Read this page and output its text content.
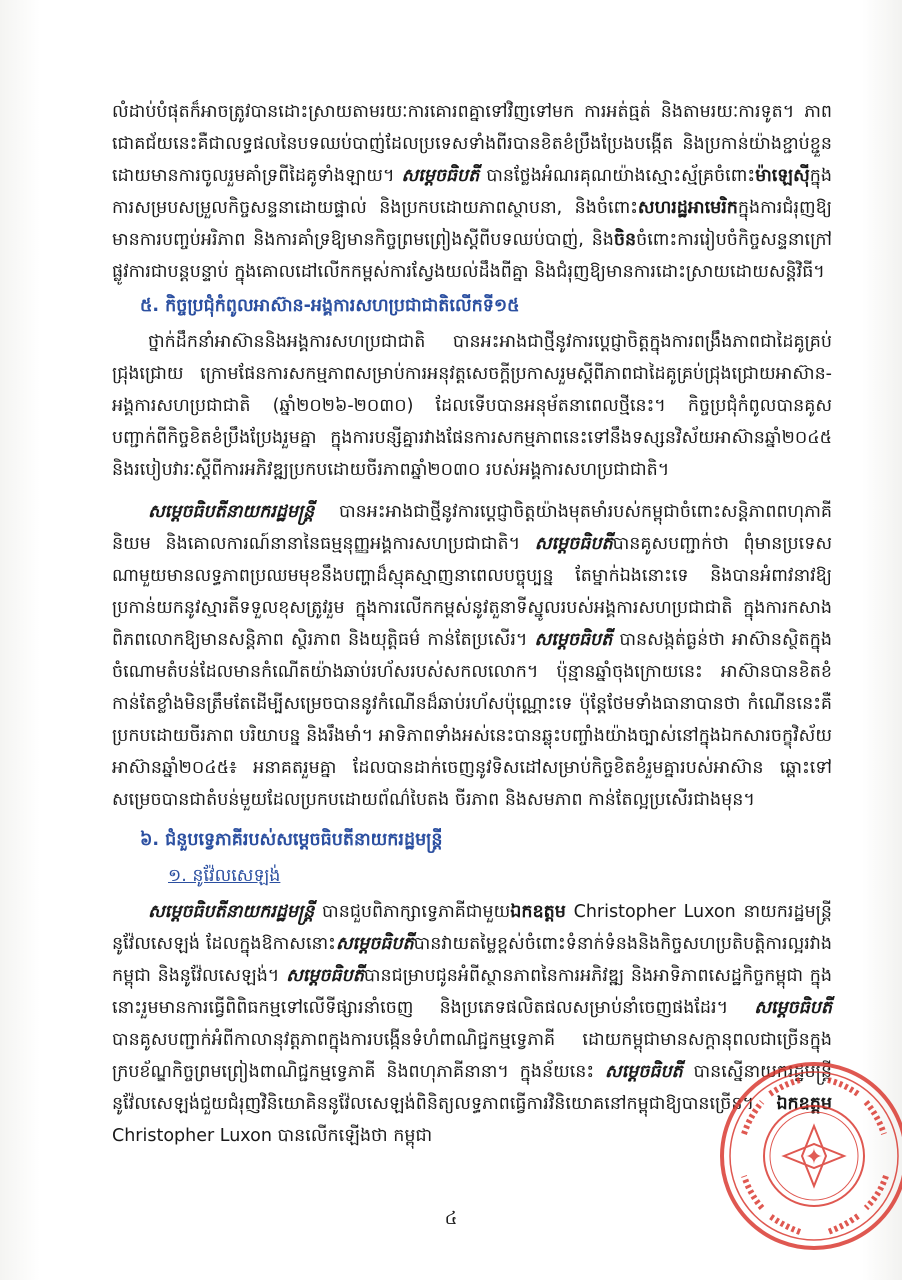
លំដាប់បំផុតក៏អាចត្រូវបានដោះស្រាយតាមរយៈការគោរពគ្នាទៅវិញទៅមក ការអត់ធ្មត់ និងតាមរយៈការទូត។ ភាពជោគជ័យនេះគឺជាលទ្ធផលនៃបទឈប់បាញ់ដែលប្រទេសទាំងពីរបានខិតខំប្រឹងប្រែងបង្កើត និងប្រកាន់យ៉ាងខ្ជាប់ខ្ជួន ដោយមានការចូលរួមគាំទ្រពីដៃគូទាំងឡាយ។ សម្តេចធិបតី បានថ្លែងអំណរគុណយ៉ាងស្មោះស្ម័គ្រចំពោះម៉ាឡេស៊ីក្នុងការសម្របសម្រួលកិច្ចសន្ទនាដោយផ្ទាល់ និងប្រកបដោយភាពស្ថាបនា, និងចំពោះសហរដ្ឋអាមេរិកក្នុងការជំរុញឱ្យមានការបញ្ចប់អរិភាព និងការគាំទ្រឱ្យមានកិច្ចព្រមព្រៀងស្តីពីបទឈប់បាញ់, និងចិនចំពោះការរៀបចំកិច្ចសន្ទនាក្រៅផ្លូវការជាបន្តបន្ទាប់ ក្នុងគោលដៅលើកកម្ពស់ការស្វែងយល់ដឹងពីគ្នា និងជំរុញឱ្យមានការដោះស្រាយដោយសន្តិវិធី។

៥. កិច្ចប្រជុំកំពូលអាស៊ាន-អង្គការសហប្រជាជាតិលើកទី១៥

ថ្នាក់ដឹកនាំអាស៊ាននិងអង្គការសហប្រជាជាតិ បានអះអាងជាថ្មីនូវការប្តេជ្ញាចិត្តក្នុងការពង្រឹងភាពជាដៃគូគ្រប់ជ្រុងជ្រោយ ក្រោមផែនការសកម្មភាពសម្រាប់ការអនុវត្តសេចក្តីប្រកាសរួមស្តីពីភាពជាដៃគូគ្រប់ជ្រុងជ្រោយអាស៊ាន-អង្គការសហប្រជាជាតិ (ឆ្នាំ២០២៦-២០៣០) ដែលទើបបានអនុម័តនាពេលថ្មីនេះ។ កិច្ចប្រជុំកំពូលបានគូសបញ្ជាក់ពីកិច្ចខិតខំប្រឹងប្រែងរួមគ្នា ក្នុងការបន្សីគ្នារវាងផែនការសកម្មភាពនេះទៅនឹងទស្សនវិស័យអាស៊ានឆ្នាំ២០៤៥ និងរបៀបវារៈស្តីពីការអភិវឌ្ឍប្រកបដោយចីរភាពឆ្នាំ២០៣០ របស់អង្គការសហប្រជាជាតិ។

សម្តេចធិបតីនាយករដ្ឋមន្ត្រី បានអះអាងជាថ្មីនូវការប្តេជ្ញាចិត្តយ៉ាងមុតមាំរបស់កម្ពុជាចំពោះសន្តិភាពពហុភាគីនិយម និងគោលការណ៍នានានៃធម្មនុញ្ញអង្គការសហប្រជាជាតិ។ សម្តេចធិបតីបានគូសបញ្ជាក់ថា ពុំមានប្រទេសណាមួយមានលទ្ធភាពប្រឈមមុខនឹងបញ្ហាដ៏ស្មុគស្មាញនាពេលបច្ចុប្បន្ន តែម្នាក់ឯងនោះទេ និងបានអំពាវនាវឱ្យប្រកាន់យកនូវស្មារតីទទួលខុសត្រូវរួម ក្នុងការលើកកម្ពស់នូវតួនាទីស្នូលរបស់អង្គការសហប្រជាជាតិ ក្នុងការកសាងពិភពលោកឱ្យមានសន្តិភាព ស្ថិរភាព និងយុត្តិធម៌ កាន់តែប្រសើរ។ សម្តេចធិបតី បានសង្កត់ធ្ងន់ថា អាស៊ានស្ថិតក្នុងចំណោមតំបន់ដែលមានកំណើតយ៉ាងឆាប់រហ័សរបស់សកលលោក។ ប៉ុន្មានឆ្នាំចុងក្រោយនេះ អាស៊ានបានខិតខំកាន់តែខ្លាំងមិនត្រឹមតែដើម្បីសម្រេចបាននូវកំណើនដ៏ឆាប់រហ័សប៉ុណ្ណោះទេ ប៉ុន្តែថែមទាំងធានាបានថា កំណើននេះគឺប្រកបដោយចីរភាព បរិយាបន្ន និងរឹងមាំ។ អាទិភាពទាំងអស់នេះបានឆ្លុះបញ្ចាំងយ៉ាងច្បាស់នៅក្នុងឯកសារចក្ខុវិស័យអាស៊ានឆ្នាំ២០៤៥៖ អនាគតរួមគ្នា ដែលបានដាក់ចេញនូវទិសដៅសម្រាប់កិច្ចខិតខំរួមគ្នារបស់អាស៊ាន ឆ្ពោះទៅសម្រេចបានជាតំបន់មួយដែលប្រកបដោយព័ណ៌បៃតង ចីរភាព និងសមភាព កាន់តែល្អប្រសើរជាងមុន។

៦. ជំនួបទ្វេភាគីរបស់សម្តេចធិបតីនាយករដ្ឋមន្ត្រី
១. នូវ៉ែលសេឡង់

សម្តេចធិបតីនាយករដ្ឋមន្ត្រី បានជួបពិភាក្សាទ្វេភាគីជាមួយឯកឧត្តម Christopher Luxon នាយករដ្ឋមន្ត្រីនូវ៉ែលសេឡង់ ដែលក្នុងឱកាសនោះសម្តេចធិបតីបានវាយតម្លៃខ្ពស់ចំពោះទំនាក់ទំនងនិងកិច្ចសហប្រតិបត្តិការល្អរវាងកម្ពុជា និងនូវ៉ែលសេឡង់។ សម្តេចធិបតីបានជម្រាបជូនអំពីស្ថានភាពនៃការអភិវឌ្ឍ និងអាទិភាពសេដ្ឋកិច្ចកម្ពុជា ក្នុងនោះរួមមានការធ្វើពិពិធកម្មទៅលើទីផ្សារនាំចេញ និងប្រភេទផលិតផលសម្រាប់នាំចេញផងដែរ។ សម្តេចធិបតីបានគូសបញ្ជាក់អំពីកាលានុវត្តភាពក្នុងការបង្កើនទំហំពាណិជ្ជកម្មទ្វេភាគី ដោយកម្ពុជាមានសក្តានុពលជាច្រើនក្នុងក្របខ័ណ្ឌកិច្ចព្រមព្រៀងពាណិជ្ជកម្មទ្វេភាគី និងពហុភាគីនានា។ ក្នុងន័យនេះ សម្តេចធិបតី បានស្នើនាយករដ្ឋមន្ត្រីនូវ៉ែលសេឡង់ជួយជំរុញវិនិយោគិននូវ៉ែលសេឡង់ពិនិត្យលទ្ធភាពធ្វើការវិនិយោគនៅកម្ពុជាឱ្យបានច្រើន។ ឯកឧត្តម Christopher Luxon បានលើកឡើងថា កម្ពុជា

៤
✦
